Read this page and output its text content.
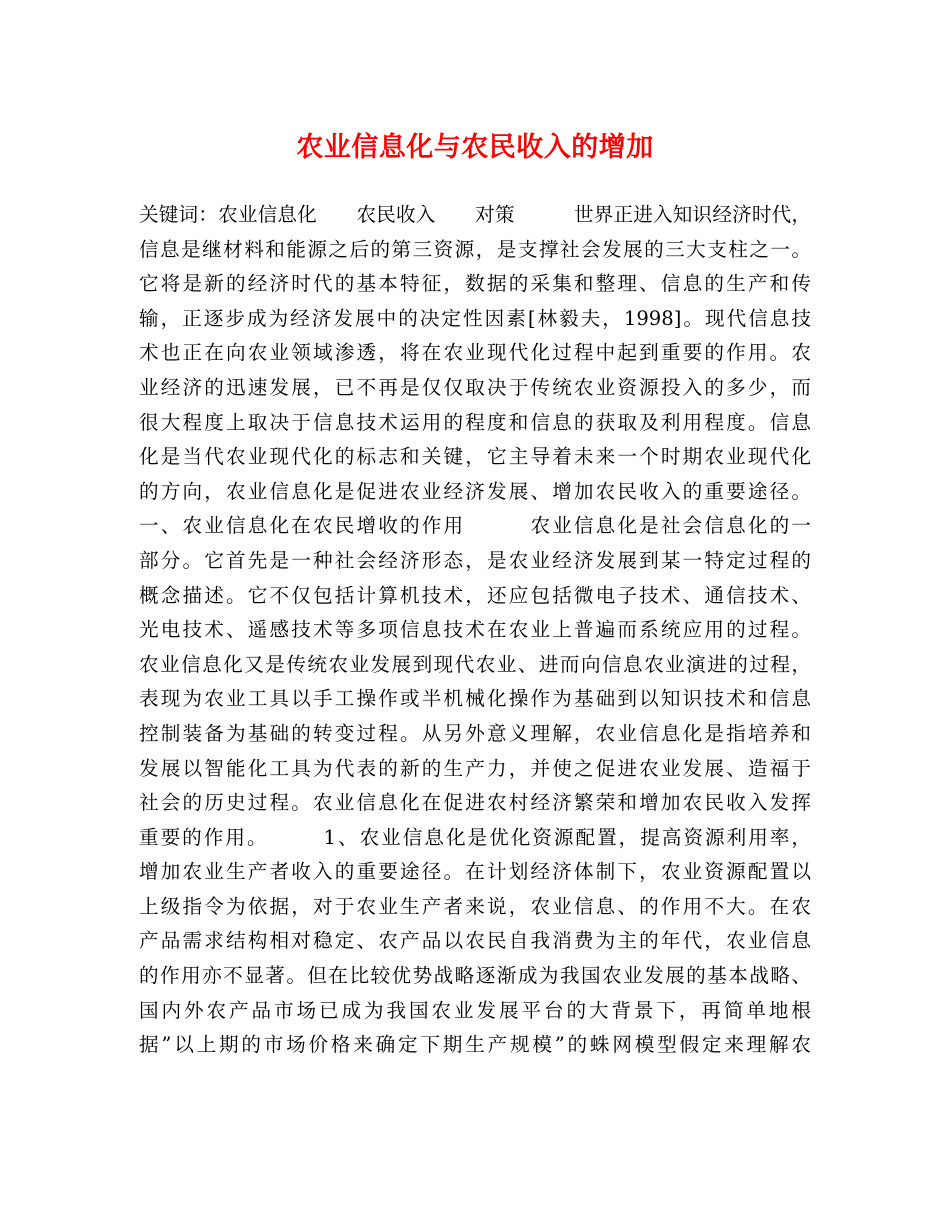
农业信息化与农民收入的增加
关键词：农业信息化　　农民收入　　对策　　　世界正进入知识经济时代，
信息是继材料和能源之后的第三资源，是支撑社会发展的三大支柱之一。
它将是新的经济时代的基本特征，数据的采集和整理、信息的生产和传
输，正逐步成为经济发展中的决定性因素[林毅夫，1998]。现代信息技
术也正在向农业领域渗透，将在农业现代化过程中起到重要的作用。农
业经济的迅速发展，已不再是仅仅取决于传统农业资源投入的多少，而
很大程度上取决于信息技术运用的程度和信息的获取及利用程度。信息
化是当代农业现代化的标志和关键，它主导着未来一个时期农业现代化
的方向，农业信息化是促进农业经济发展、增加农民收入的重要途径。
一、农业信息化在农民增收的作用　　　农业信息化是社会信息化的一
部分。它首先是一种社会经济形态，是农业经济发展到某一特定过程的
概念描述。它不仅包括计算机技术，还应包括微电子技术、通信技术、
光电技术、遥感技术等多项信息技术在农业上普遍而系统应用的过程。
农业信息化又是传统农业发展到现代农业、进而向信息农业演进的过程，
表现为农业工具以手工操作或半机械化操作为基础到以知识技术和信息
控制装备为基础的转变过程。从另外意义理解，农业信息化是指培养和
发展以智能化工具为代表的新的生产力，并使之促进农业发展、造福于
社会的历史过程。农业信息化在促进农村经济繁荣和增加农民收入发挥
重要的作用。　　　1、农业信息化是优化资源配置，提高资源利用率，
增加农业生产者收入的重要途径。在计划经济体制下，农业资源配置以
上级指令为依据，对于农业生产者来说，农业信息、的作用不大。在农
产品需求结构相对稳定、农产品以农民自我消费为主的年代，农业信息
的作用亦不显著。但在比较优势战略逐渐成为我国农业发展的基本战略、
国内外农产品市场已成为我国农业发展平台的大背景下，再简单地根
据”以上期的市场价格来确定下期生产规模”的蛛网模型假定来理解农
